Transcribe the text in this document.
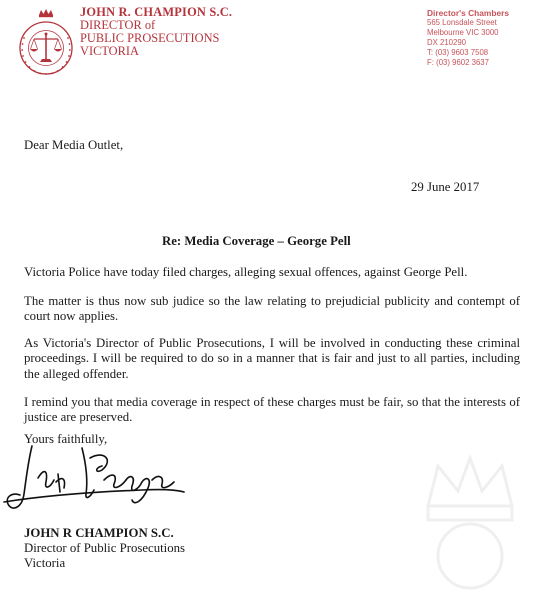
JOHN R. CHAMPION S.C.
DIRECTOR of
PUBLIC PROSECUTIONS
VICTORIA
Director's Chambers
565 Lonsdale Street
Melbourne VIC 3000
DX 210290
T: (03) 9603 7508
F: (03) 9602 3637
Dear Media Outlet,
29 June 2017
Re: Media Coverage – George Pell
Victoria Police have today filed charges, alleging sexual offences, against George Pell.
The matter is thus now sub judice so the law relating to prejudicial publicity and contempt of court now applies.
As Victoria's Director of Public Prosecutions, I will be involved in conducting these criminal proceedings. I will be required to do so in a manner that is fair and just to all parties, including the alleged offender.
I remind you that media coverage in respect of these charges must be fair, so that the interests of justice are preserved.
Yours faithfully,
JOHN R CHAMPION S.C.
Director of Public Prosecutions
Victoria
